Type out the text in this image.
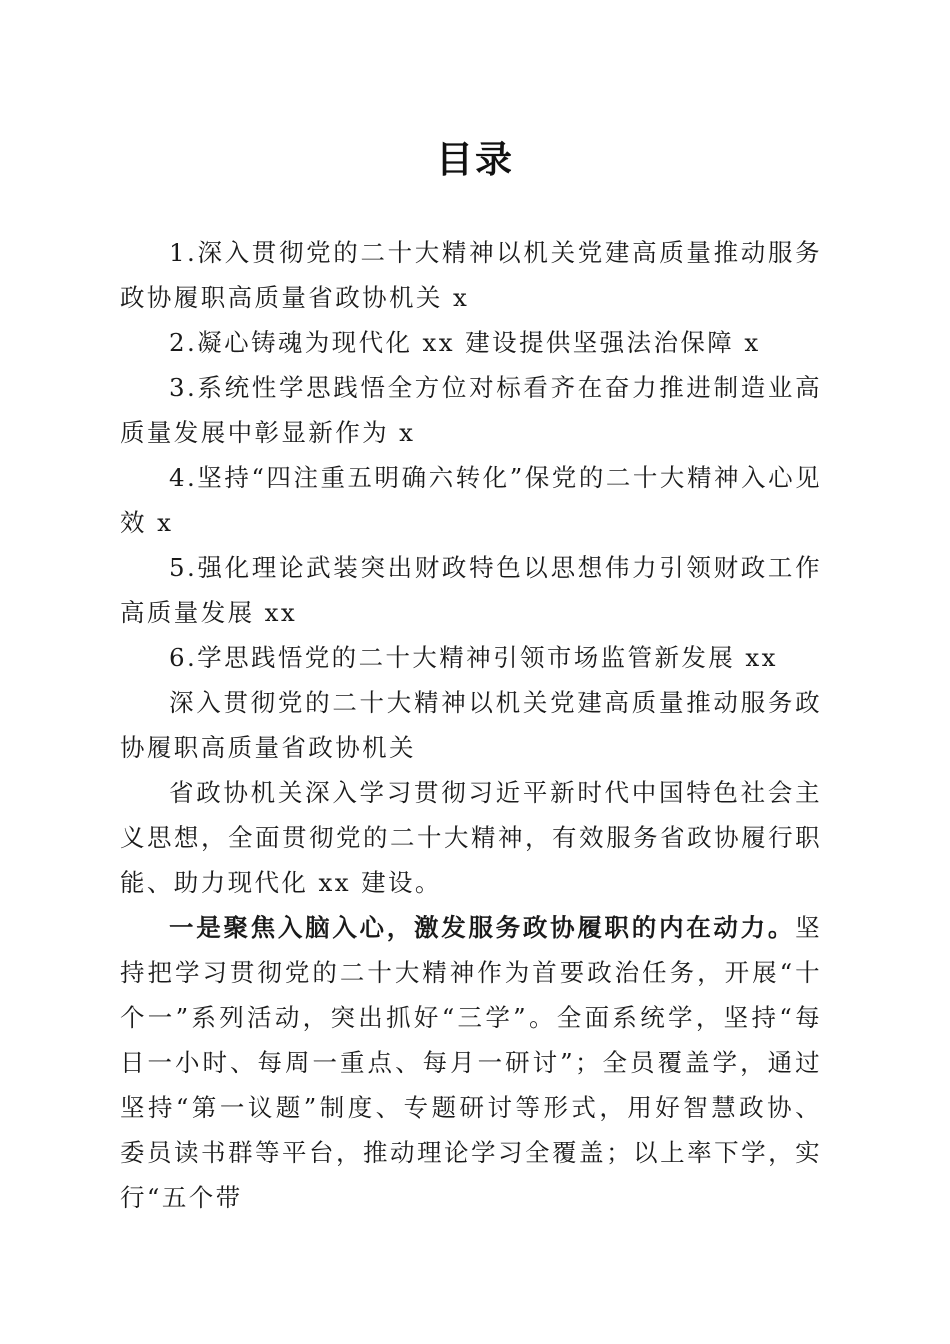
目录

1.深入贯彻党的二十大精神以机关党建高质量推动服务政协履职高质量省政协机关 x

2.凝心铸魂为现代化 xx 建设提供坚强法治保障 x

3.系统性学思践悟全方位对标看齐在奋力推进制造业高质量发展中彰显新作为 x

4.坚持“四注重五明确六转化”保党的二十大精神入心见效 x

5.强化理论武装突出财政特色以思想伟力引领财政工作高质量发展 xx

6.学思践悟党的二十大精神引领市场监管新发展 xx

深入贯彻党的二十大精神以机关党建高质量推动服务政协履职高质量省政协机关

省政协机关深入学习贯彻习近平新时代中国特色社会主义思想，全面贯彻党的二十大精神，有效服务省政协履行职能、助力现代化 xx 建设。

一是聚焦入脑入心，激发服务政协履职的内在动力。坚持把学习贯彻党的二十大精神作为首要政治任务，开展“十个一”系列活动，突出抓好“三学”。全面系统学，坚持“每日一小时、每周一重点、每月一研讨”；全员覆盖学，通过坚持“第一议题”制度、专题研讨等形式，用好智慧政协、委员读书群等平台，推动理论学习全覆盖；以上率下学，实行“五个带
